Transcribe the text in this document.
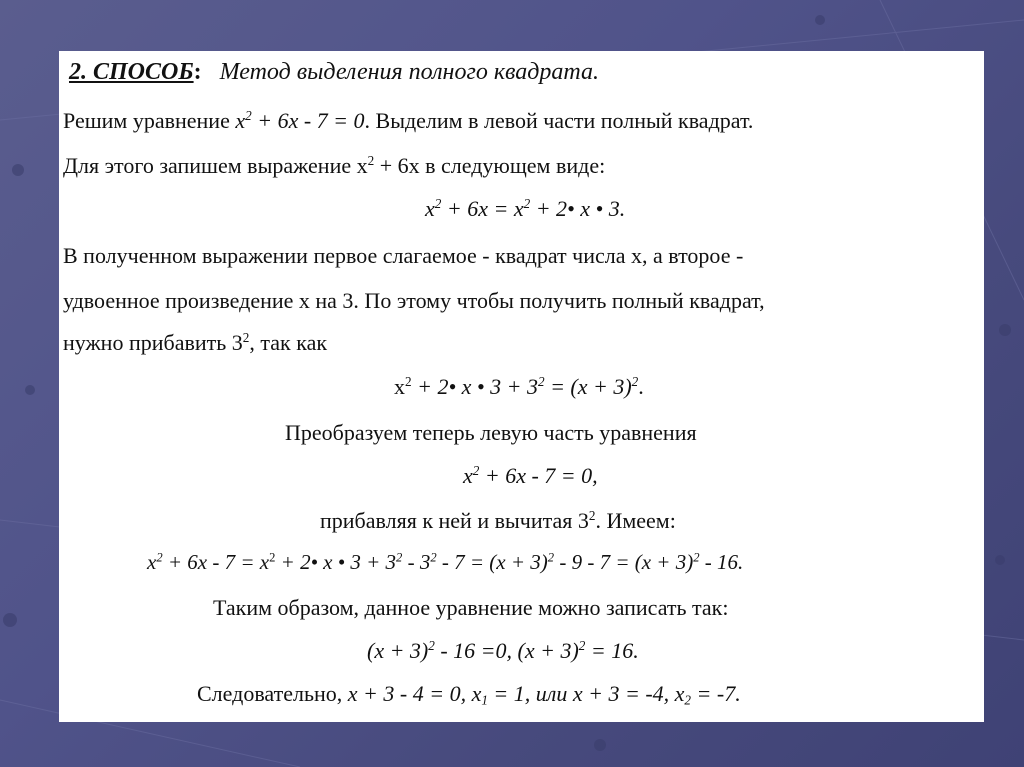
2. СПОСОБ: Метод выделения полного квадрата.
Решим уравнение $x^2 + 6x - 7 = 0$. Выделим в левой части полный квадрат.
Для этого запишем выражение $x^2 + 6x$ в следующем виде:
$x^2 + 6x = x^2$ + 2• x • 3.
В полученном выражении первое слагаемое - квадрат числа x, а второе -
удвоенное произведение x на 3. По этому чтобы получить полный квадрат,
нужно прибавить $3^2$, так как
$x^2$ + 2• x • $3 + 3^2 = (x + 3)^2$.
Преобразуем теперь левую часть уравнения
$x^2 + 6x - 7 = 0$,
прибавляя к ней и вычитая $3^2$. Имеем:
$x^2 + 6x - 7 = x^2$ + 2• x • $3 + 3^2 - 3^2 - 7 = (x + 3)^2 - 9 - 7 = (x + 3)^2 - 16$.
Таким образом, данное уравнение можно записать так:
$(x + 3)^2 - 16 =0$, $(x + 3)^2 = 16$.
Следовательно, x + 3 - 4 = 0, $x_1 = 1$, или x + 3 = -4, $x_2 = -7$.
